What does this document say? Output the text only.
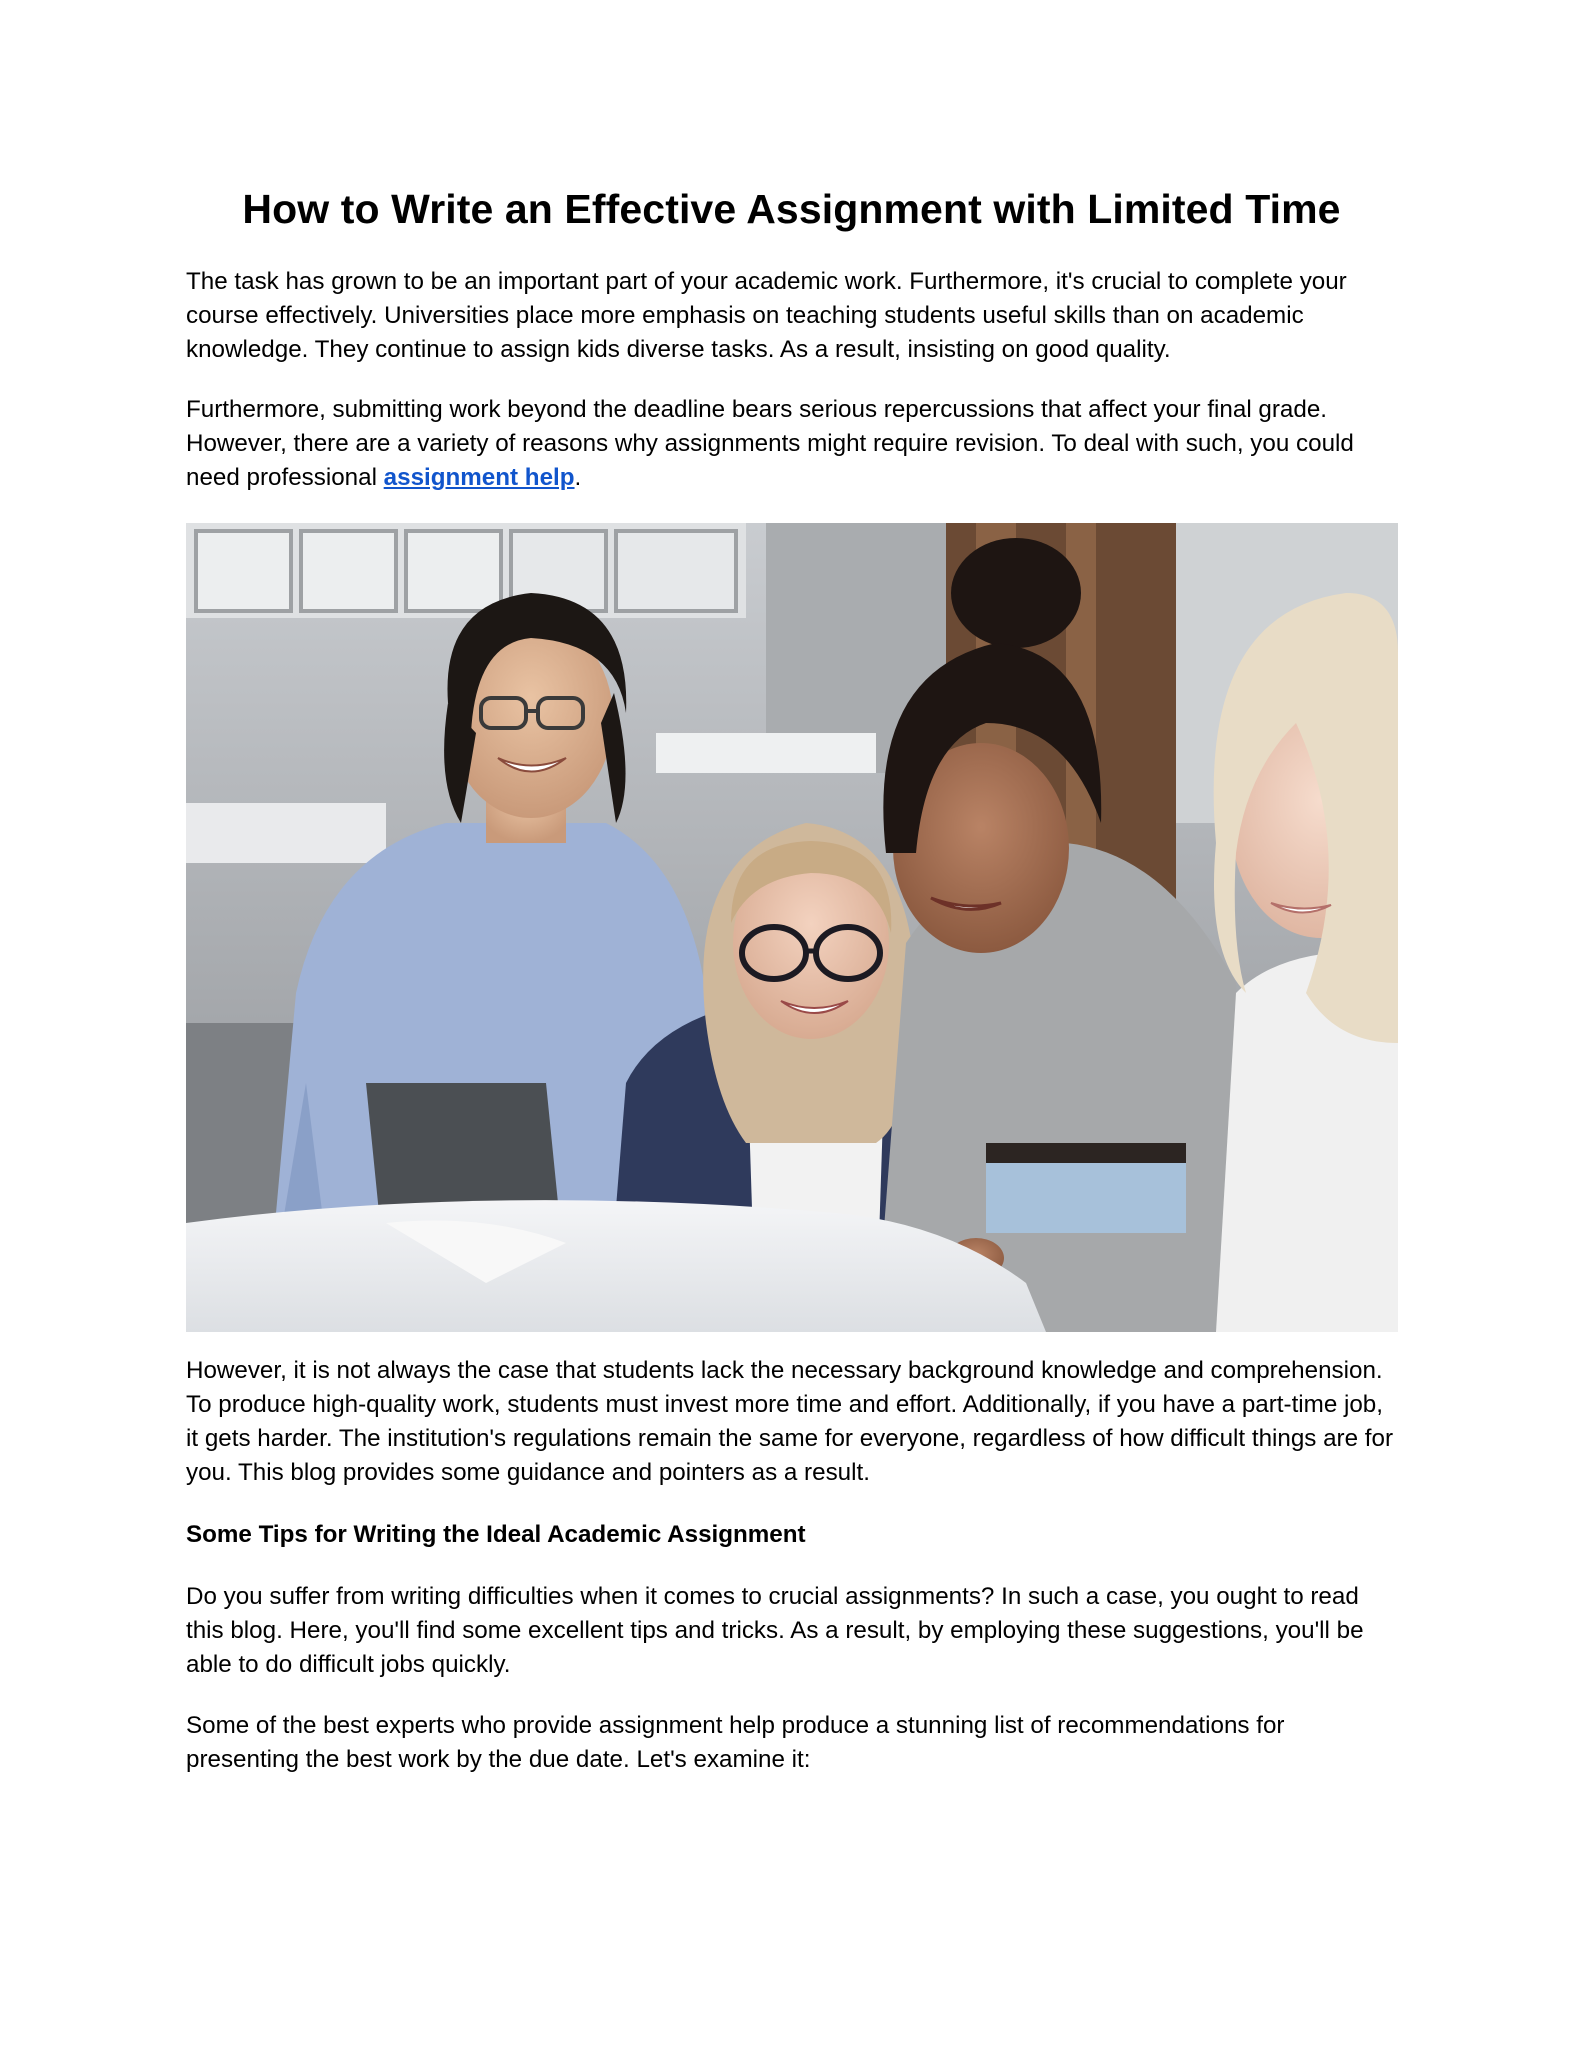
How to Write an Effective Assignment with Limited Time

The task has grown to be an important part of your academic work. Furthermore, it's crucial to complete your course effectively. Universities place more emphasis on teaching students useful skills than on academic knowledge. They continue to assign kids diverse tasks. As a result, insisting on good quality.

Furthermore, submitting work beyond the deadline bears serious repercussions that affect your final grade. However, there are a variety of reasons why assignments might require revision. To deal with such, you could need professional assignment help.

However, it is not always the case that students lack the necessary background knowledge and comprehension. To produce high-quality work, students must invest more time and effort. Additionally, if you have a part-time job, it gets harder. The institution's regulations remain the same for everyone, regardless of how difficult things are for you. This blog provides some guidance and pointers as a result.

Some Tips for Writing the Ideal Academic Assignment

Do you suffer from writing difficulties when it comes to crucial assignments? In such a case, you ought to read this blog. Here, you'll find some excellent tips and tricks. As a result, by employing these suggestions, you'll be able to do difficult jobs quickly.

Some of the best experts who provide assignment help produce a stunning list of recommendations for presenting the best work by the due date. Let's examine it:
